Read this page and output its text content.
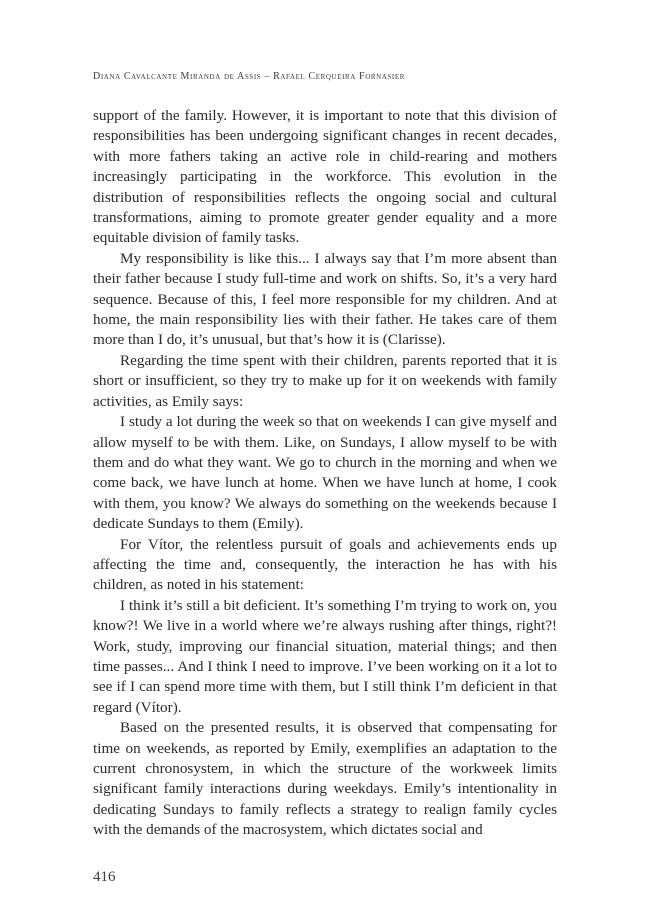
Diana Cavalcante Miranda de Assis – Rafael Cerqueira Fornasier

support of the family. However, it is important to note that this division of responsibilities has been undergoing significant changes in recent decades, with more fathers taking an active role in child-rearing and mothers increasingly participating in the workforce. This evolution in the distribution of responsibilities reflects the ongoing social and cultural transformations, aiming to promote greater gender equality and a more equitable division of family tasks.

My responsibility is like this... I always say that I’m more absent than their father because I study full-time and work on shifts. So, it’s a very hard sequence. Because of this, I feel more responsible for my children. And at home, the main responsibility lies with their father. He takes care of them more than I do, it’s unusual, but that’s how it is (Clarisse).

Regarding the time spent with their children, parents reported that it is short or insufficient, so they try to make up for it on weekends with family activities, as Emily says:

I study a lot during the week so that on weekends I can give myself and allow myself to be with them. Like, on Sundays, I allow myself to be with them and do what they want. We go to church in the morning and when we come back, we have lunch at home. When we have lunch at home, I cook with them, you know? We always do something on the weekends because I dedicate Sundays to them (Emily).

For Vítor, the relentless pursuit of goals and achievements ends up affecting the time and, consequently, the interaction he has with his children, as noted in his statement:

I think it’s still a bit deficient. It’s something I’m trying to work on, you know?! We live in a world where we’re always rushing after things, right?! Work, study, improving our financial situation, material things; and then time passes... And I think I need to improve. I’ve been working on it a lot to see if I can spend more time with them, but I still think I’m deficient in that regard (Vítor).

Based on the presented results, it is observed that compensating for time on weekends, as reported by Emily, exemplifies an adaptation to the current chronosystem, in which the structure of the workweek limits significant family interactions during weekdays. Emily’s intentionality in dedicating Sundays to family reflects a strategy to realign family cycles with the demands of the macrosystem, which dictates social and

416
